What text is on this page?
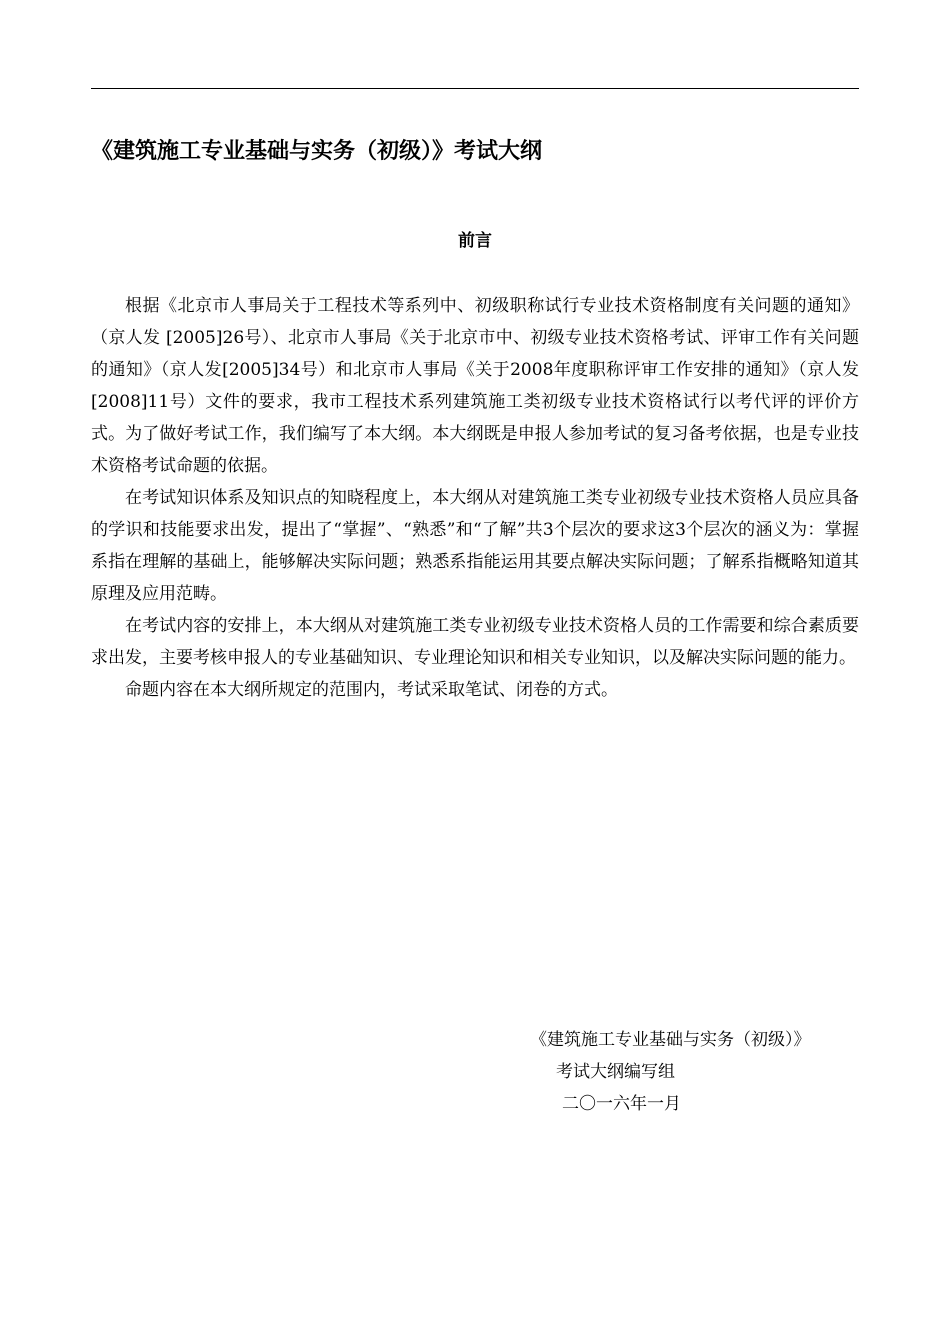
《建筑施工专业基础与实务（初级）》考试大纲
前言

根据《北京市人事局关于工程技术等系列中、初级职称试行专业技术资格制度有关问题的通知》（京人发 [2005]26号）、北京市人事局《关于北京市中、初级专业技术资格考试、评审工作有关问题的通知》（京人发[2005]34号）和北京市人事局《关于2008年度职称评审工作安排的通知》（京人发[2008]11号）文件的要求，我市工程技术系列建筑施工类初级专业技术资格试行以考代评的评价方式。为了做好考试工作，我们编写了本大纲。本大纲既是申报人参加考试的复习备考依据，也是专业技术资格考试命题的依据。

在考试知识体系及知识点的知晓程度上，本大纲从对建筑施工类专业初级专业技术资格人员应具备的学识和技能要求出发，提出了“掌握”、“熟悉”和“了解”共3个层次的要求这3个层次的涵义为：掌握系指在理解的基础上，能够解决实际问题；熟悉系指能运用其要点解决实际问题；了解系指概略知道其原理及应用范畴。

在考试内容的安排上，本大纲从对建筑施工类专业初级专业技术资格人员的工作需要和综合素质要求出发，主要考核申报人的专业基础知识、专业理论知识和相关专业知识，以及解决实际问题的能力。

命题内容在本大纲所规定的范围内，考试采取笔试、闭卷的方式。

《建筑施工专业基础与实务（初级）》

考试大纲编写组

二〇一六年一月
